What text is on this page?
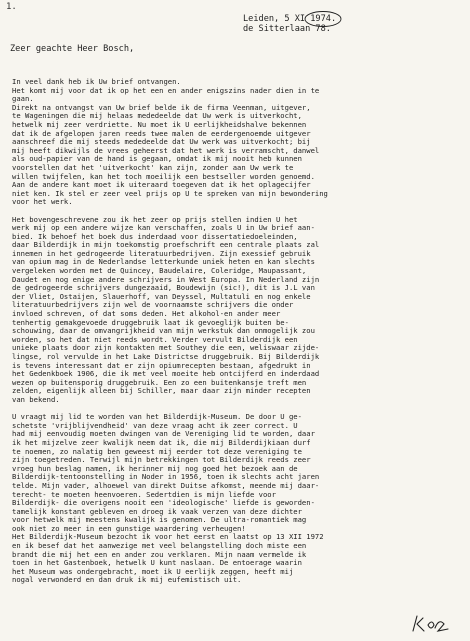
1.
Leiden, 5 XI 1974.
de Sitterlaan 78.
Zeer geachte Heer Bosch,
In veel dank heb ik Uw brief ontvangen.
Het komt mij voor dat ik op het een en ander enigszins nader dien in te
gaan.
Direkt na ontvangst van Uw brief belde ik de firma Veenman, uitgever,
te Wageningen die mij helaas mededeelde dat Uw werk is uitverkocht,
hetwelk mij zeer verdriette. Nu moet ik U eerlijkheidshalve bekennen
dat ik de afgelopen jaren reeds twee malen de eerdergenoemde uitgever
aanschreef die mij steeds mededeelde dat Uw werk was uitverkocht; bij
mij heeft dikwijls de vrees geheerst dat het werk is verramscht, danwel
als oud-papier van de hand is gegaan, omdat ik mij nooit heb kunnen
voorstellen dat het 'uitverkocht' kan zijn, zonder aan Uw werk te
willen twijfelen, kan het toch moeilijk een bestseller worden genoemd.
Aan de andere kant moet ik uiteraard toegeven dat ik het oplagecijfer
niet ken. Ik stel er zeer veel prijs op U te spreken van mijn bewondering
voor het werk.
Het bovengeschrevene zou ik het zeer op prijs stellen indien U het
werk mij op een andere wijze kan verschaffen, zoals U in Uw brief aan-
bied. Ik behoef het boek dus inderdaad voor dissertatiedoeleinden,
daar Bilderdijk in mijn toekomstig proefschrift een centrale plaats zal
innemen in het gedrogeerde literatuurbedrijven. Zijn exessief gebruik
van opium mag in de Nederlandse letterkunde uniek heten en kan slechts
vergeleken worden met de Quincey, Baudelaire, Coleridge, Maupassant,
Daudet en nog enige andere schrijvers in West Europa. In Nederland zijn
de gedrogeerde schrijvers dungezaaid, Boudewijn (sic!), dit is J.L van
der Vliet, Ostaijen, Slauerhoff, van Deyssel, Multatuli en nog enkele
literatuurbedrijvers zijn wel de voornaamste schrijvers die onder
invloed schreven, of dat soms deden. Het alkohol-en ander meer
tenhertig gemakgevoede druggebruik laat ik gevoeglijk buiten be-
schouwing, daar de omvangrijkheid van mijn werkstuk dan onmogelijk zou
worden, so het dat niet reeds wordt. Verder vervult Bilderdijk een
unieke plaats door zijn kontakten met Southey die een, weliswaar zijde-
lingse, rol vervulde in het Lake Districtse druggebruik. Bij Bilderdijk
is tevens interessant dat er zijn opiumrecepten bestaan, afgedrukt in
het Gedenkboek 1906, die ik met veel moeite heb ontcijferd en inderdaad
wezen op buitensporig druggebruik. Een zo een buitenkansje treft men
zelden, eigenlijk alleen bij Schiller, maar daar zijn minder recepten
van bekend.
U vraagt mij lid te worden van het Bilderdijk-Museum. De door U ge-
schetste 'vrijblijvendheid' van deze vraag acht ik zeer correct. U
had mij eenvoudig moeten dwingen van de Vereniging lid te worden, daar
ik het mijzelve zeer kwalijk neem dat ik, die mij Bilderdijkiaan durf
te noemen, zo nalatig ben geweest mij eerder tot deze vereniging te
zijn toegetreden. Terwijl mijn betrekkingen tot Bilderdijk reeds zeer
vroeg hun beslag namen, ik herinner mij nog goed het bezoek aan de
Bilderdijk-tentoonstelling in Noder in 1956, toen ik slechts acht jaren
telde. Mijn vader, alhoewel van direkt Duitse afkomst, meende mij daar-
terecht- te moeten heenvoeren. Sedertdien is mijn liefde voor
Bilderdijk- die overigens nooit een 'ideologische' liefde is geworden-
tamelijk konstant gebleven en droeg ik vaak verzen van deze dichter
voor hetwelk mij meestens kwalijk is genomen. De ultra-romantiek mag
ook niet zo meer in een gunstige waardering verheugen!
Het Bilderdijk-Museum bezocht ik voor het eerst en laatst op 13 XII 1972
en ik besef dat het aanwezige met veel belangstelling doch miste een
brandt die mij het een en ander zou verklaren. Mijn naam vermelde ik
toen in het Gastenboek, hetwelk U kunt naslaan. De entoerage waarin
het Museum was ondergebracht, moet ik U eerlijk zeggen, heeft mij
nogal verwonderd en dan druk ik mij eufemistisch uit.
